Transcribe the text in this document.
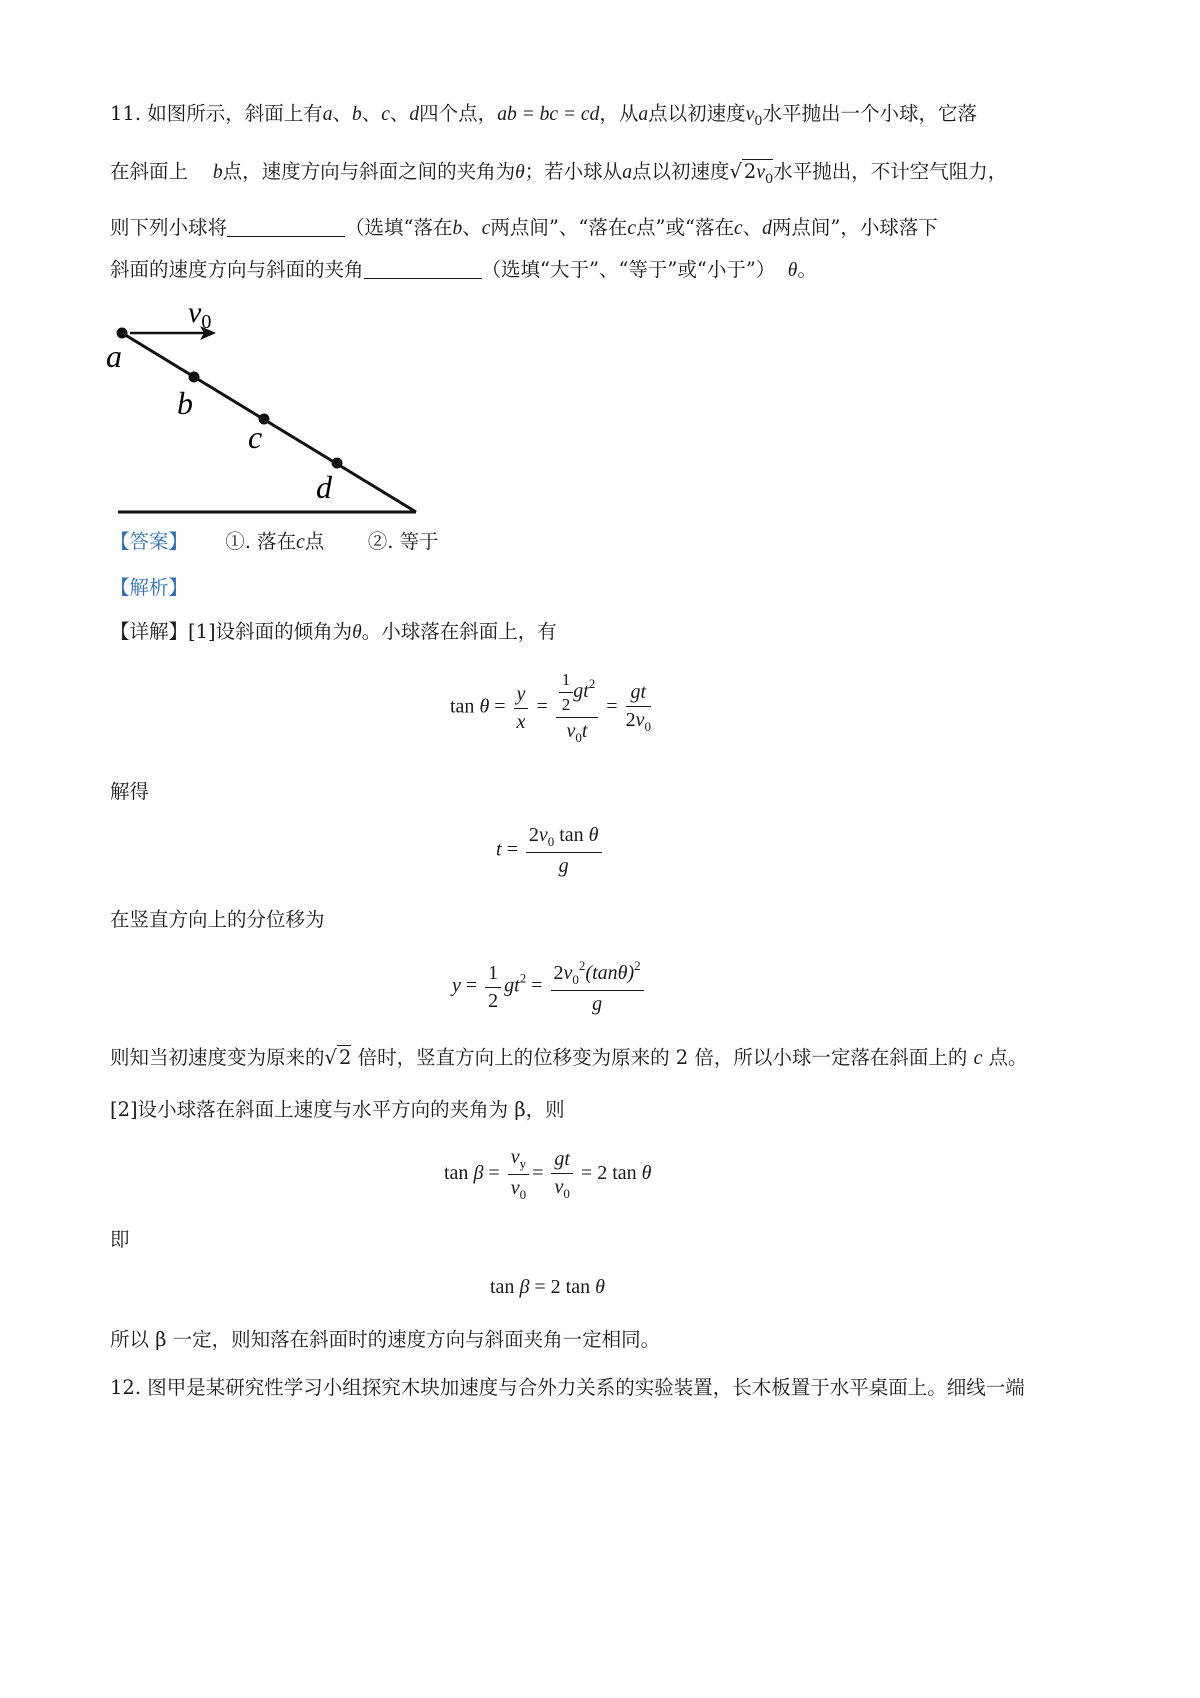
11. 如图所示，斜面上有a、b、c、d四个点，ab = bc = cd，从a点以初速度$v_0$水平抛出一个小球，它落
在斜面上 b点，速度方向与斜面之间的夹角为θ；若小球从a点以初速度√ $2v_0$水平抛出，不计空气阻力，
则下列小球将	（选填“落在b、c两点间”、“落在c点”或“落在c、d两点间”，小球落下
斜面的速度方向与斜面的夹角	（选填“大于”、“等于”或“小于”） θ。
$v_0$
a
b
c
d
【答案】 ①. 落在c点 ②. 等于
【解析】
【详解】[1]设斜面的倾角为θ。小球落在斜面上，有
$\tan \theta = \frac{y}{x} = \frac{\frac{1}{2} gt^2}{v_0t} = \frac{gt}{2v_0}$
解得
$t = \frac{2v_0 \tan \theta}{g}$
在竖直方向上的分位移为
$y = \frac{1}{2} gt^2 = \frac{2v_0^2(\tan\theta)^2}{g}$
则知当初速度变为原来的√ 2 倍时，竖直方向上的位移变为原来的 2 倍，所以小球一定落在斜面上的 c 点。
[2]设小球落在斜面上速度与水平方向的夹角为 β，则
$\tan \beta = \frac{v_y}{v_0} = \frac{gt}{v_0} = 2$ tan θ
即
tan β = 2 tan θ
所以 β 一定，则知落在斜面时的速度方向与斜面夹角一定相同。
12. 图甲是某研究性学习小组探究木块加速度与合外力关系的实验装置，长木板置于水平桌面上。细线一端
